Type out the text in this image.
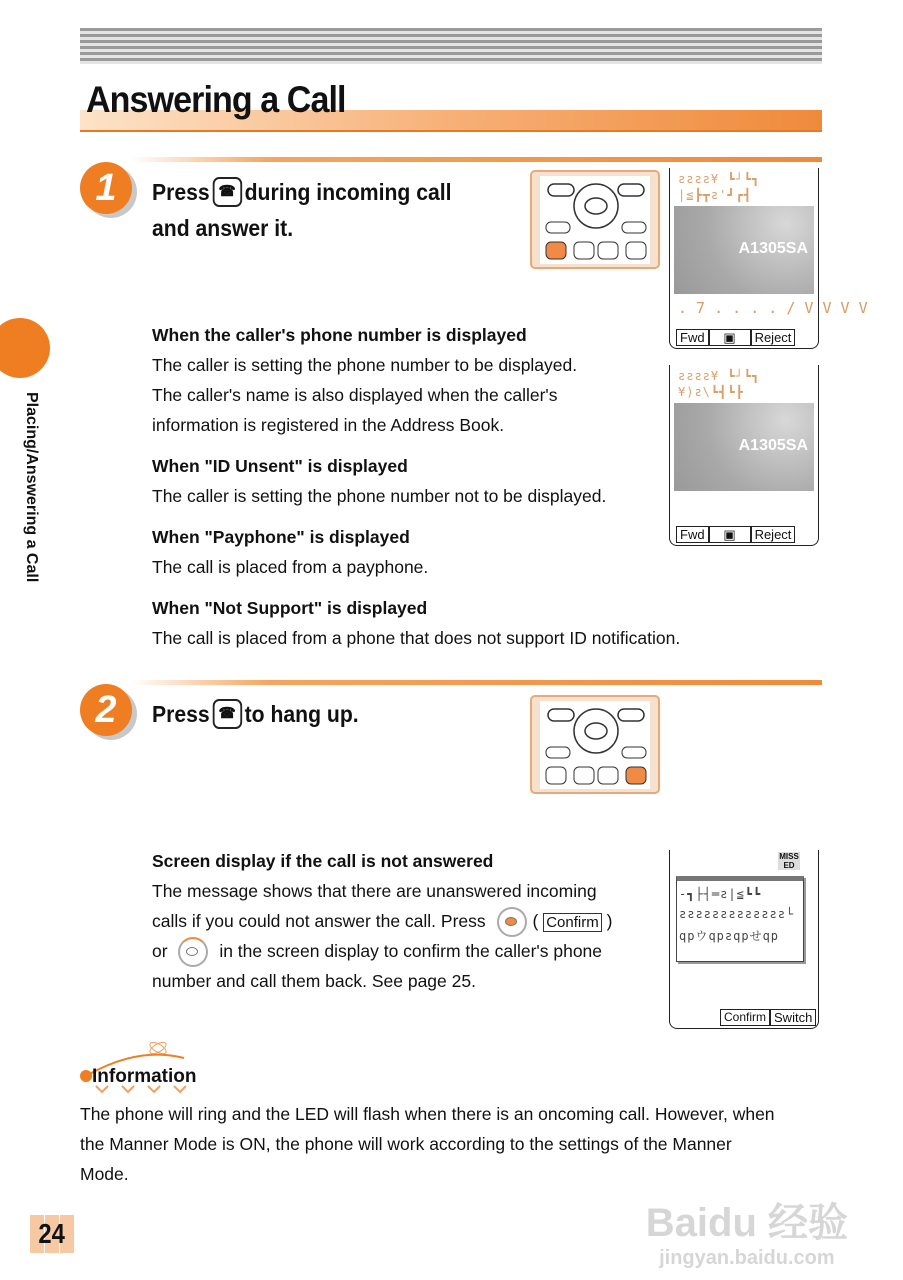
Answering a Call
Placing/Answering a Call
1	Press ☎ during incoming call
and answer it.
ƨƨƨƨ¥ ┗┘┗┓
|≦┣┳ƨ'┛┏┫
A1305SA
. 7 . . . . / V V V V
Fwd	▣	Reject
ƨƨƨƨ¥ ┗┘┗┓
¥)ƨ\┗┫┗┣
A1305SA
Fwd	▣	Reject
When the caller's phone number is displayed
The caller is setting the phone number to be displayed.
The caller's name is also displayed when the caller's
information is registered in the Address Book.
When "ID Unsent" is displayed
The caller is setting the phone number not to be displayed.
When "Payphone" is displayed
The call is placed from a payphone.
When "Not Support" is displayed
The call is placed from a phone that does not support ID notification.
2	Press ☎ to hang up.
MISS ED
-┓├┤═ƨ|≦┗┗
ƨƨƨƨƨƨƨƨƨƨƨƨƨ└
qpウqpƨqpせqp
Confirm Switch
Screen display if the call is not answered
The message shows that there are unanswered incoming
calls if you could not answer the call. Press	( Confirm )
or	in the screen display to confirm the caller's phone
number and call them back. See page 25.
Information
The phone will ring and the LED will flash when there is an oncoming call. However, when
the Manner Mode is ON, the phone will work according to the settings of the Manner
Mode.
24	Baidu 经验
jingyan.baidu.com
